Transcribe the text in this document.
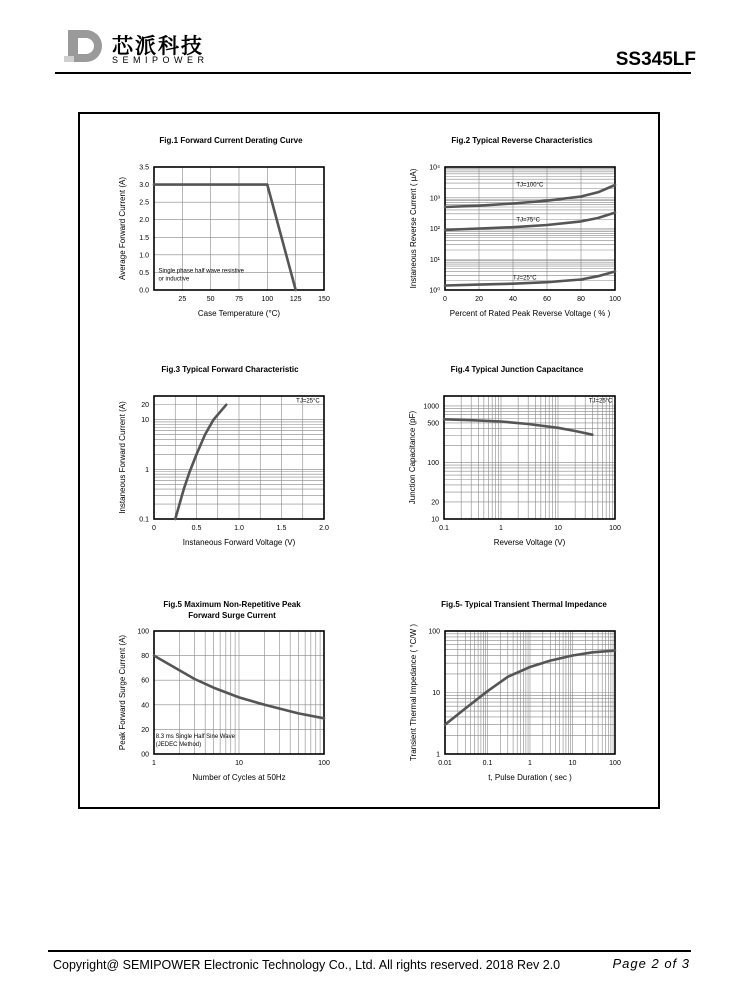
芯派科技
SEMIPOWER	SS345LF
Fig.1 Forward Current Derating Curve
25	50	75	100 125 150
0.0
0.5
1.0
1.5
2.0
2.5
3.0
3.5
Case Temperature (°C)
Average Forward Current (A)	Single phase half wave resistive
or inductive
Fig.2 Typical Reverse Characteristics
0	20	40	60	80	100
10⁰
10¹
10²
10³
10⁴
Percent of Rated Peak Reverse Voltage ( % )
Instaneous Reverse Current ( µA)	TJ=100°C
TJ=75°C
TJ=25°C
Fig.3 Typical Forward Characteristic
0	0.5	1.0	1.5	2.0
0.1
1
10
20
Instaneous Forward Voltage (V)
Instaneous Forward Current (A)	TJ=25°C
Fig.4 Typical Junction Capacitance
0.1	1	10	100
10
20
100
500
1000
Reverse Voltage (V)
Junction Capacitance (pF)
TJ=25°C
Fig.5 Maximum Non-Repetitive Peak
Forward Surge Current
1	10	100
00
20
40
60
80
100
Number of Cycles at 50Hz
Peak Forward Surge Current (A)	8.3 ms Single Half Sine Wave
(JEDEC Method)
Fig.5- Typical Transient Thermal Impedance
0.01	0.1	1	10	100
1
10
100
t, Pulse Duration ( sec )
Transient Thermal Impedance ( °C/W )
Copyright@ SEMIPOWER Electronic Technology Co., Ltd. All rights reserved. 2018 Rev 2.0	Page 2 of 3
